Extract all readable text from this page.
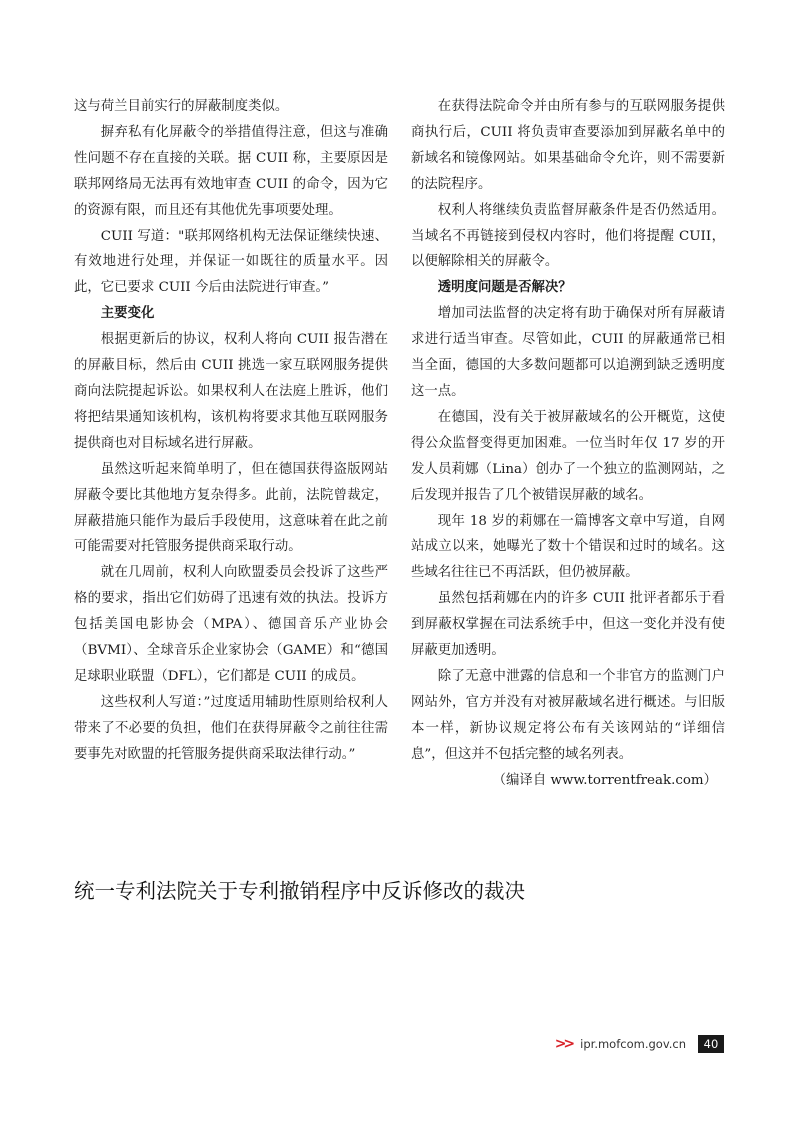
这与荷兰目前实行的屏蔽制度类似。

摒弃私有化屏蔽令的举措值得注意，但这与准确性问题不存在直接的关联。据 CUII 称，主要原因是联邦网络局无法再有效地审查 CUII 的命令，因为它的资源有限，而且还有其他优先事项要处理。

CUII 写道："联邦网络机构无法保证继续快速、有效地进行处理，并保证一如既往的质量水平。因此，它已要求 CUII 今后由法院进行审查。”

主要变化

根据更新后的协议，权利人将向 CUII 报告潜在的屏蔽目标，然后由 CUII 挑选一家互联网服务提供商向法院提起诉讼。如果权利人在法庭上胜诉，他们将把结果通知该机构，该机构将要求其他互联网服务提供商也对目标域名进行屏蔽。

虽然这听起来简单明了，但在德国获得盗版网站屏蔽令要比其他地方复杂得多。此前，法院曾裁定，屏蔽措施只能作为最后手段使用，这意味着在此之前可能需要对托管服务提供商采取行动。

就在几周前，权利人向欧盟委员会投诉了这些严格的要求，指出它们妨碍了迅速有效的执法。投诉方包括美国电影协会（MPA）、德国音乐产业协会（BVMI）、全球音乐企业家协会（GAME）和“德国足球职业联盟（DFL），它们都是 CUII 的成员。

这些权利人写道：”过度适用辅助性原则给权利人带来了不必要的负担，他们在获得屏蔽令之前往往需要事先对欧盟的托管服务提供商采取法律行动。”

在获得法院命令并由所有参与的互联网服务提供商执行后，CUII 将负责审查要添加到屏蔽名单中的新域名和镜像网站。如果基础命令允许，则不需要新的法院程序。

权利人将继续负责监督屏蔽条件是否仍然适用。当域名不再链接到侵权内容时，他们将提醒 CUII，以便解除相关的屏蔽令。

透明度问题是否解决？

增加司法监督的决定将有助于确保对所有屏蔽请求进行适当审查。尽管如此，CUII 的屏蔽通常已相当全面，德国的大多数问题都可以追溯到缺乏透明度这一点。

在德国，没有关于被屏蔽域名的公开概览，这使得公众监督变得更加困难。一位当时年仅 17 岁的开发人员莉娜（Lina）创办了一个独立的监测网站，之后发现并报告了几个被错误屏蔽的域名。

现年 18 岁的莉娜在一篇博客文章中写道，自网站成立以来，她曝光了数十个错误和过时的域名。这些域名往往已不再活跃，但仍被屏蔽。

虽然包括莉娜在内的许多 CUII 批评者都乐于看到屏蔽权掌握在司法系统手中，但这一变化并没有使屏蔽更加透明。

除了无意中泄露的信息和一个非官方的监测门户网站外，官方并没有对被屏蔽域名进行概述。与旧版本一样，新协议规定将公布有关该网站的“详细信息”，但这并不包括完整的域名列表。

（编译自 www.torrentfreak.com）

统一专利法院关于专利撤销程序中反诉修改的裁决
>> ipr.mofcom.gov.cn	40
